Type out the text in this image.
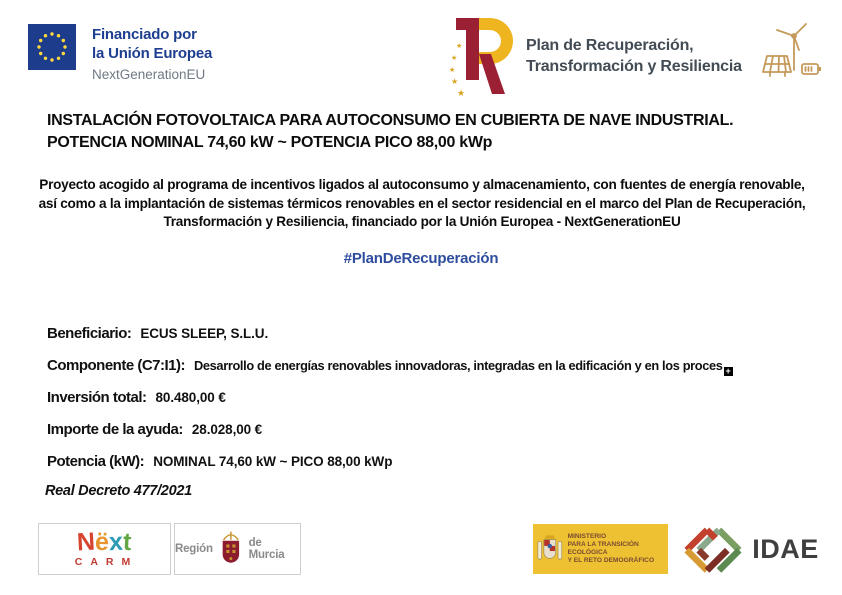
Financiado por
la Unión Europea
NextGenerationEU
★
★
★
★
★
Plan de Recuperación,
Transformación y Resiliencia
INSTALACIÓN FOTOVOLTAICA PARA AUTOCONSUMO EN CUBIERTA DE NAVE INDUSTRIAL. POTENCIA NOMINAL 74,60 kW ~ POTENCIA PICO 88,00 kWp

Proyecto acogido al programa de incentivos ligados al autoconsumo y almacenamiento, con fuentes de energía renovable, así como a la implantación de sistemas térmicos renovables en el sector residencial en el marco del Plan de Recuperación, Transformación y Resiliencia, financiado por la Unión Europea - NextGenerationEU

#PlanDeRecuperación
Beneficiario: ECUS SLEEP, S.L.U.
Componente (C7:I1): Desarrollo de energías renovables innovadoras, integradas en la edificación y en los proces +
Inversión total: 80.480,00 €
Importe de la ayuda: 28.028,00 €
Potencia (kW): NOMINAL 74,60 kW ~ PICO 88,00 kWp
Real Decreto 477/2021
Nëxt
CARM
Región	de Murcia
MINISTERIO
PARA LA TRANSICIÓN ECOLÓGICA
Y EL RETO DEMOGRÁFICO	IDAE
